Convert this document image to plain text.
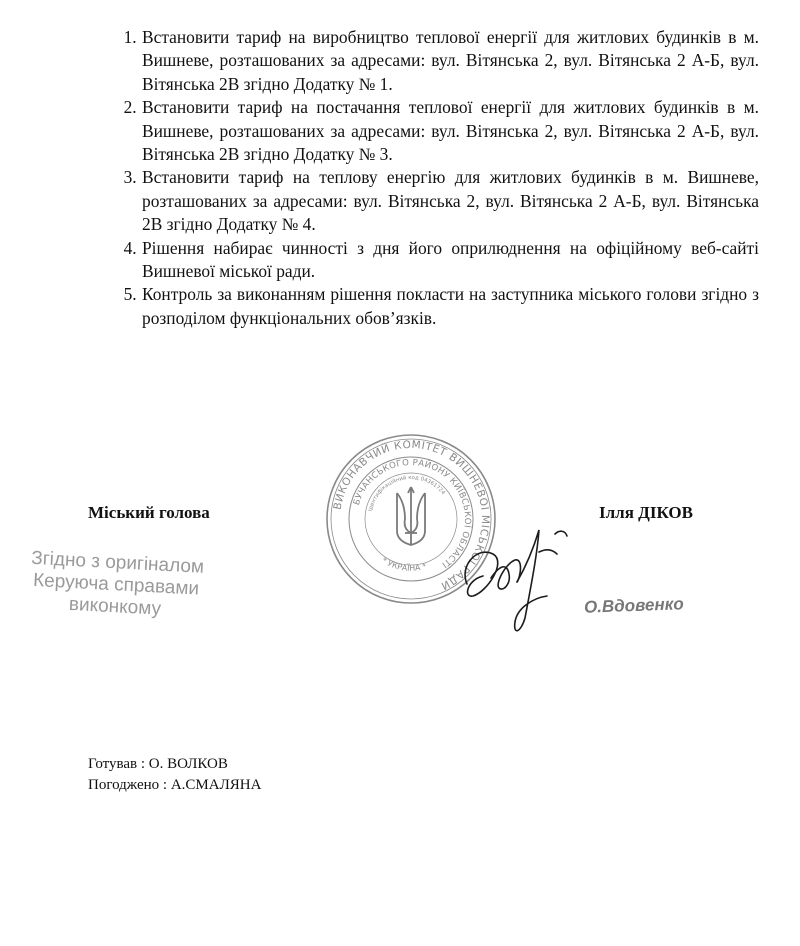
1. Встановити тариф на виробництво теплової енергії для житлових будинків в м. Вишневе, розташованих за адресами: вул. Вітянська 2, вул. Вітянська 2 А-Б, вул. Вітянська 2В згідно Додатку № 1.
2. Встановити тариф на постачання теплової енергії для житлових будинків в м. Вишневе, розташованих за адресами: вул. Вітянська 2, вул. Вітянська 2 А-Б, вул. Вітянська 2В згідно Додатку № 3.
3. Встановити тариф на теплову енергію для житлових будинків в м. Вишневе, розташованих за адресами: вул. Вітянська 2, вул. Вітянська 2 А-Б, вул. Вітянська 2В згідно Додатку № 4.
4. Рішення набирає чинності з дня його оприлюднення на офіційному веб-сайті Вишневої міської ради.
5. Контроль за виконанням рішення покласти на заступника міського голови згідно з розподілом функціональних обов’язків.
ВИКОНАВЧИЙ КОМІТЕТ ВИШНЕВОЇ МІСЬКОЇ РАДИ
БУЧАНСЬКОГО РАЙОНУ КИЇВСЬКОЇ ОБЛАСТІ
* УКРАЇНА *
Ідентифікаційний код 04361724
Міський голова	Ілля ДІКОВ
Згідно з оригіналом
Керуюча справами
виконкому	О.Вдовенко
Готував : О. ВОЛКОВ
Погоджено : А.СМАЛЯНА
